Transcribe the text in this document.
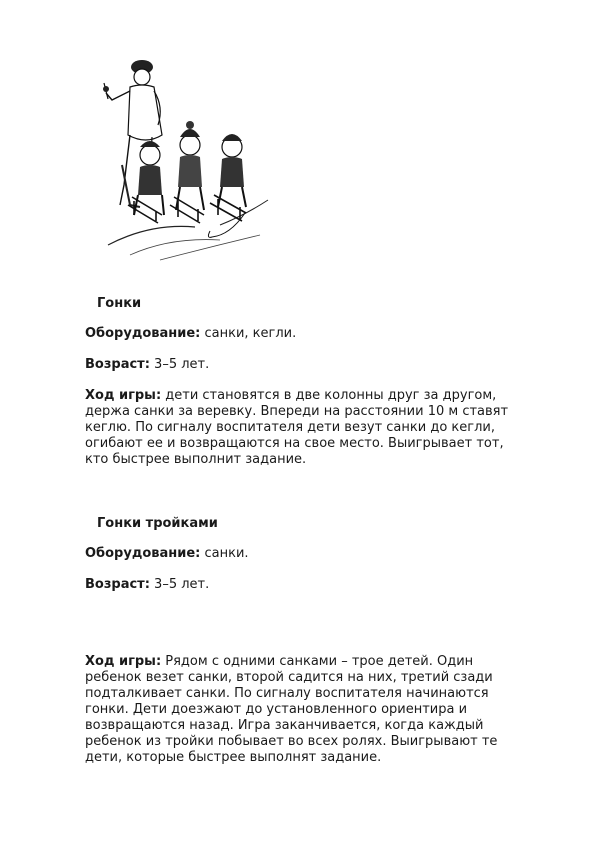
Гонки

Оборудование: санки, кегли.

Возраст: 3–5 лет.

Ход игры: дети становятся в две колонны друг за другом,
держа санки за веревку. Впереди на расстоянии 10 м ставят
кеглю. По сигналу воспитателя дети везут санки до кегли,
огибают ее и возвращаются на свое место. Выигрывает тот,
кто быстрее выполнит задание.
Гонки тройками

Оборудование: санки.

Возраст: 3–5 лет.

Ход игры: Рядом с одними санками – трое детей. Один
ребенок везет санки, второй садится на них, третий сзади
подталкивает санки. По сигналу воспитателя начинаются
гонки. Дети доезжают до установленного ориентира и
возвращаются назад. Игра заканчивается, когда каждый
ребенок из тройки побывает во всех ролях. Выигрывают те
дети, которые быстрее выполнят задание.
